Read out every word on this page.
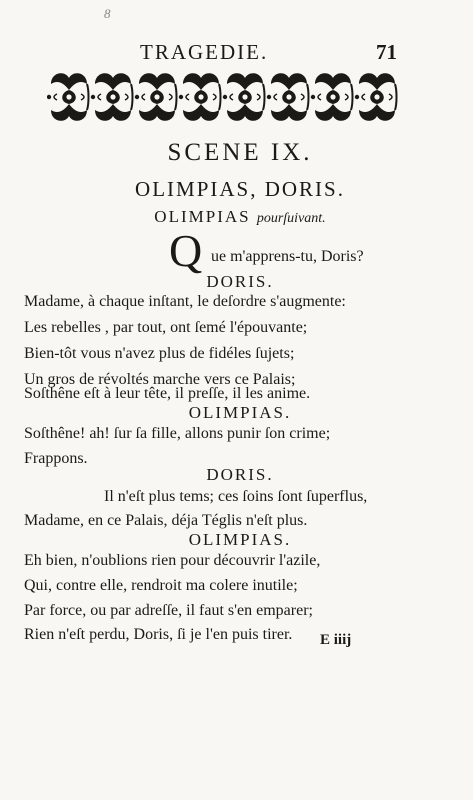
8
TRAGEDIE.	71
SCENE IX.
OLIMPIAS, DORIS.
OLIMPIAS pourſuivant.
Q ue m'apprens-tu, Doris?
DORIS.
Madame, à chaque inſtant, le deſordre s'augmente:
Les rebelles , par tout, ont ſemé l'épouvante;
Bien-tôt vous n'avez plus de fidéles ſujets;
Un gros de révoltés marche vers ce Palais;
Soſthêne eſt à leur tête, il preſſe, il les anime.
OLIMPIAS.
Soſthêne! ah! ſur ſa fille, allons punir ſon crime;
Frappons.
DORIS.
Il n'eſt plus tems; ces ſoins ſont ſuperflus,
Madame, en ce Palais, déja Téglis n'eſt plus.
OLIMPIAS.
Eh bien, n'oublions rien pour découvrir l'azile,
Qui, contre elle, rendroit ma colere inutile;
Par force, ou par adreſſe, il faut s'en emparer;
Rien n'eſt perdu, Doris, ſi je l'en puis tirer. E iiij
